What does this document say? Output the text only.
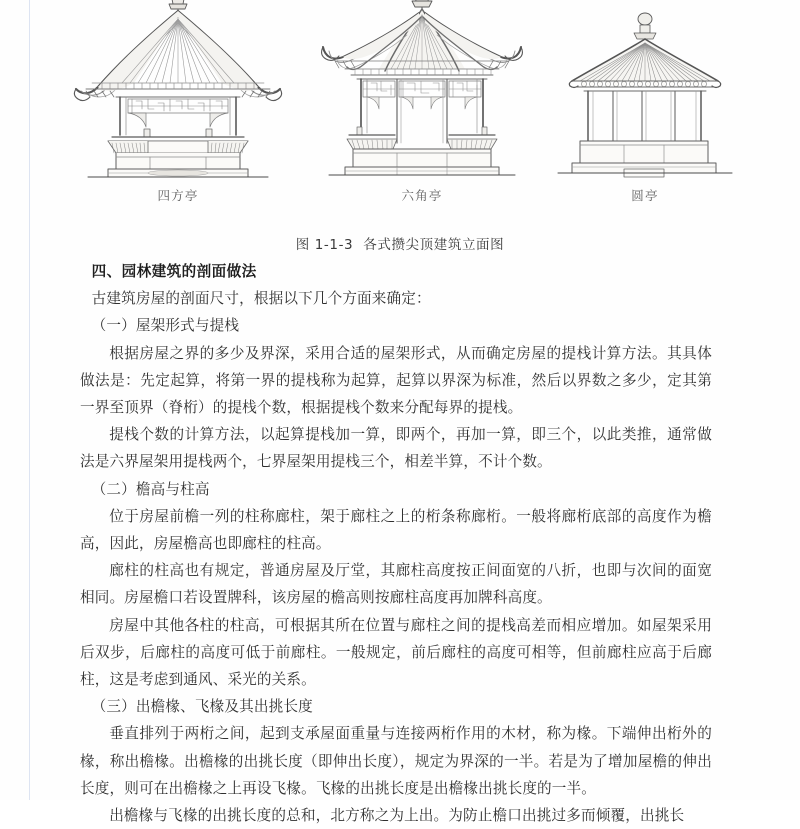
四方亭	六角亭	圆亭
图 1-1-3 各式攒尖顶建筑立面图

四、园林建筑的剖面做法

古建筑房屋的剖面尺寸，根据以下几个方面来确定：

（一）屋架形式与提栈

根据房屋之界的多少及界深，采用合适的屋架形式，从而确定房屋的提栈计算方法。其具体做法是：先定起算，将第一界的提栈称为起算，起算以界深为标准，然后以界数之多少，定其第一界至顶界（脊桁）的提栈个数，根据提栈个数来分配每界的提栈。

提栈个数的计算方法，以起算提栈加一算，即两个，再加一算，即三个，以此类推，通常做法是六界屋架用提栈两个，七界屋架用提栈三个，相差半算，不计个数。

（二）檐高与柱高

位于房屋前檐一列的柱称廊柱，架于廊柱之上的桁条称廊桁。一般将廊桁底部的高度作为檐高，因此，房屋檐高也即廊柱的柱高。

廊柱的柱高也有规定，普通房屋及厅堂，其廊柱高度按正间面宽的八折，也即与次间的面宽相同。房屋檐口若设置牌科，该房屋的檐高则按廊柱高度再加牌科高度。

房屋中其他各柱的柱高，可根据其所在位置与廊柱之间的提栈高差而相应增加。如屋架采用后双步，后廊柱的高度可低于前廊柱。一般规定，前后廊柱的高度可相等，但前廊柱应高于后廊柱，这是考虑到通风、采光的关系。

（三）出檐椽、飞椽及其出挑长度

垂直排列于两桁之间，起到支承屋面重量与连接两桁作用的木材，称为椽。下端伸出桁外的椽，称出檐椽。出檐椽的出挑长度（即伸出长度），规定为界深的一半。若是为了增加屋檐的伸出长度，则可在出檐椽之上再设飞椽。飞椽的出挑长度是出檐椽出挑长度的一半。

出檐椽与飞椽的出挑长度的总和，北方称之为上出。为防止檐口出挑过多而倾覆，出挑长
